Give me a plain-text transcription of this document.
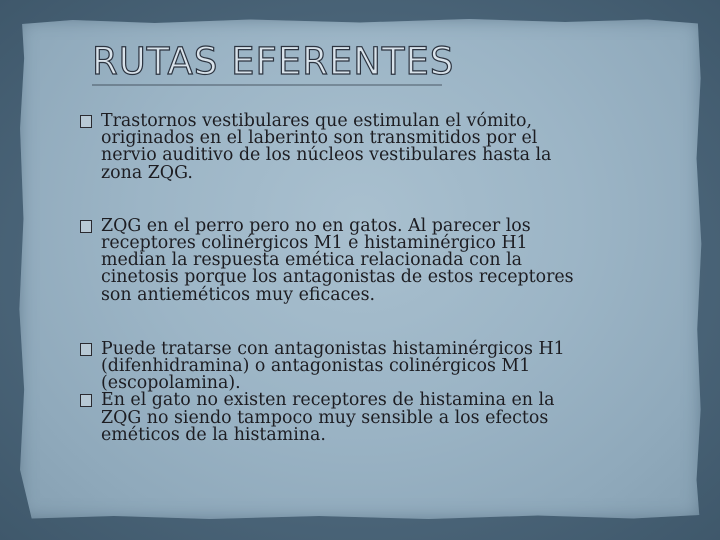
RUTAS EFERENTES
Trastornos vestibulares que estimulan el vómito,
originados en el laberinto son transmitidos por el
nervio auditivo de los núcleos vestibulares hasta la
zona ZQG.
ZQG en el perro pero no en gatos. Al parecer los
receptores colinérgicos M1 e histaminérgico H1
median la respuesta emética relacionada con la
cinetosis porque los antagonistas de estos receptores
son antieméticos muy eficaces.
Puede tratarse con antagonistas histaminérgicos H1
(difenhidramina) o antagonistas colinérgicos M1
(escopolamina).
En el gato no existen receptores de histamina en la
ZQG no siendo tampoco muy sensible a los efectos
eméticos de la histamina.
